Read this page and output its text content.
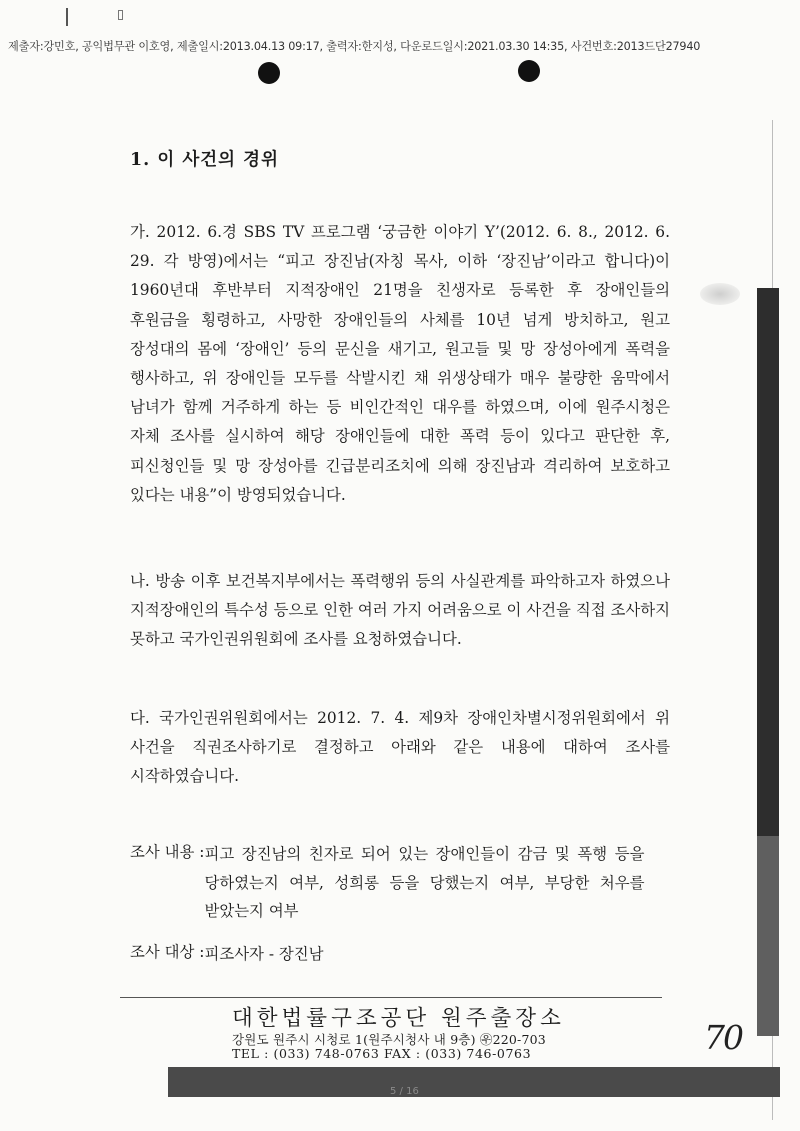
제출자:강민호, 공익법무관 이호영, 제출일시:2013.04.13 09:17, 출력자:한지성, 다운로드일시:2021.03.30 14:35, 사건번호:2013드단27940
1. 이 사건의 경위

가. 2012. 6.경 SBS TV 프로그램 ‘궁금한 이야기 Y’(2012. 6. 8., 2012. 6. 29. 각 방영)에서는 “피고 장진남(자칭 목사, 이하 ‘장진남’이라고 합니다)이 1960년대 후반부터 지적장애인 21명을 친생자로 등록한 후 장애인들의 후원금을 횡령하고, 사망한 장애인들의 사체를 10년 넘게 방치하고, 원고 장성대의 몸에 ‘장애인’ 등의 문신을 새기고, 원고들 및 망 장성아에게 폭력을 행사하고, 위 장애인들 모두를 삭발시킨 채 위생상태가 매우 불량한 움막에서 남녀가 함께 거주하게 하는 등 비인간적인 대우를 하였으며, 이에 원주시청은 자체 조사를 실시하여 해당 장애인들에 대한 폭력 등이 있다고 판단한 후, 피신청인들 및 망 장성아를 긴급분리조치에 의해 장진남과 격리하여 보호하고 있다는 내용”이 방영되었습니다.

나. 방송 이후 보건복지부에서는 폭력행위 등의 사실관계를 파악하고자 하였으나 지적장애인의 특수성 등으로 인한 여러 가지 어려움으로 이 사건을 직접 조사하지 못하고 국가인권위원회에 조사를 요청하였습니다.

다. 국가인권위원회에서는 2012. 7. 4. 제9차 장애인차별시정위원회에서 위 사건을 직권조사하기로 결정하고 아래와 같은 내용에 대하여 조사를 시작하였습니다.

조사 내용 : 피고 장진남의 친자로 되어 있는 장애인들이 감금 및 폭행 등을 당하였는지 여부, 성희롱 등을 당했는지 여부, 부당한 처우를 받았는지 여부
조사 대상 : 피조사자 - 장진남
대한법률구조공단 원주출장소
강원도 원주시 시청로 1(원주시청사 내 9층) ㉾220-703
TEL : (033) 748-0763 FAX : (033) 746-0763
5 / 16
70
